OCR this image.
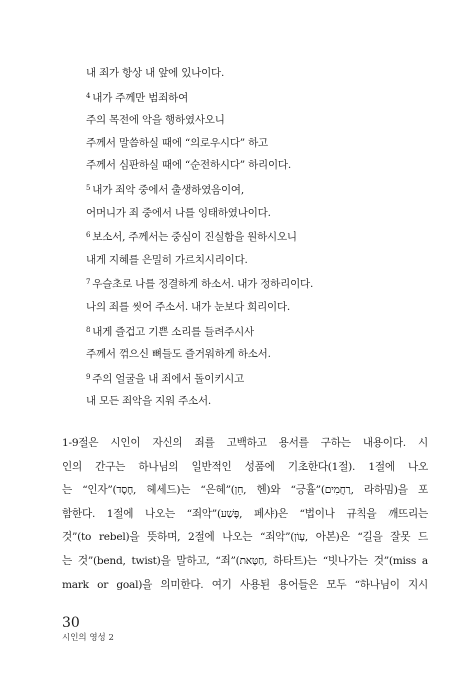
내 죄가 항상 내 앞에 있나이다.
$^4$ 내가 주께만 범죄하여
주의 목전에 악을 행하였사오니
주께서 말씀하실 때에 “의로우시다” 하고
주께서 심판하실 때에 “순전하시다” 하리이다.
$^5$ 내가 죄악 중에서 출생하였음이여,
어머니가 죄 중에서 나를 잉태하였나이다.
$^6$ 보소서, 주께서는 중심이 진실함을 원하시오니
내게 지혜를 은밀히 가르치시리이다.
$^7$ 우슬초로 나를 정결하게 하소서. 내가 정하리이다.
나의 죄를 씻어 주소서. 내가 눈보다 희리이다.
$^8$ 내게 즐겁고 기쁜 소리를 들려주시사
주께서 꺾으신 뼈들도 즐거워하게 하소서.
$^9$ 주의 얼굴을 내 죄에서 돌이키시고
내 모든 죄악을 지워 주소서.
1-9절은 시인이 자신의 죄를 고백하고 용서를 구하는 내용이다. 시
인의 간구는 하나님의 일반적인 성품에 기초한다(1절). 1절에 나오
는 “인자”(חֶסֶד, 헤세드)는 “은혜”(חֵן, 헨)와 “긍휼”(רַחֲמִים, 라하밈)을 포
함한다. 1절에 나오는 “죄악”(פֶּשַׁע, 페샤)은 “법이나 규칙을 깨뜨리는
것”(to rebel)을 뜻하며, 2절에 나오는 “죄악”(עָוֹן, 아본)은 “길을 잘못 드
는 것”(bend, twist)을 말하고, “죄”(חַטָּאת, 하타트)는 “빗나가는 것”(miss a
mark or goal)을 의미한다. 여기 사용된 용어들은 모두 “하나님이 지시
30
시인의 영성 2
